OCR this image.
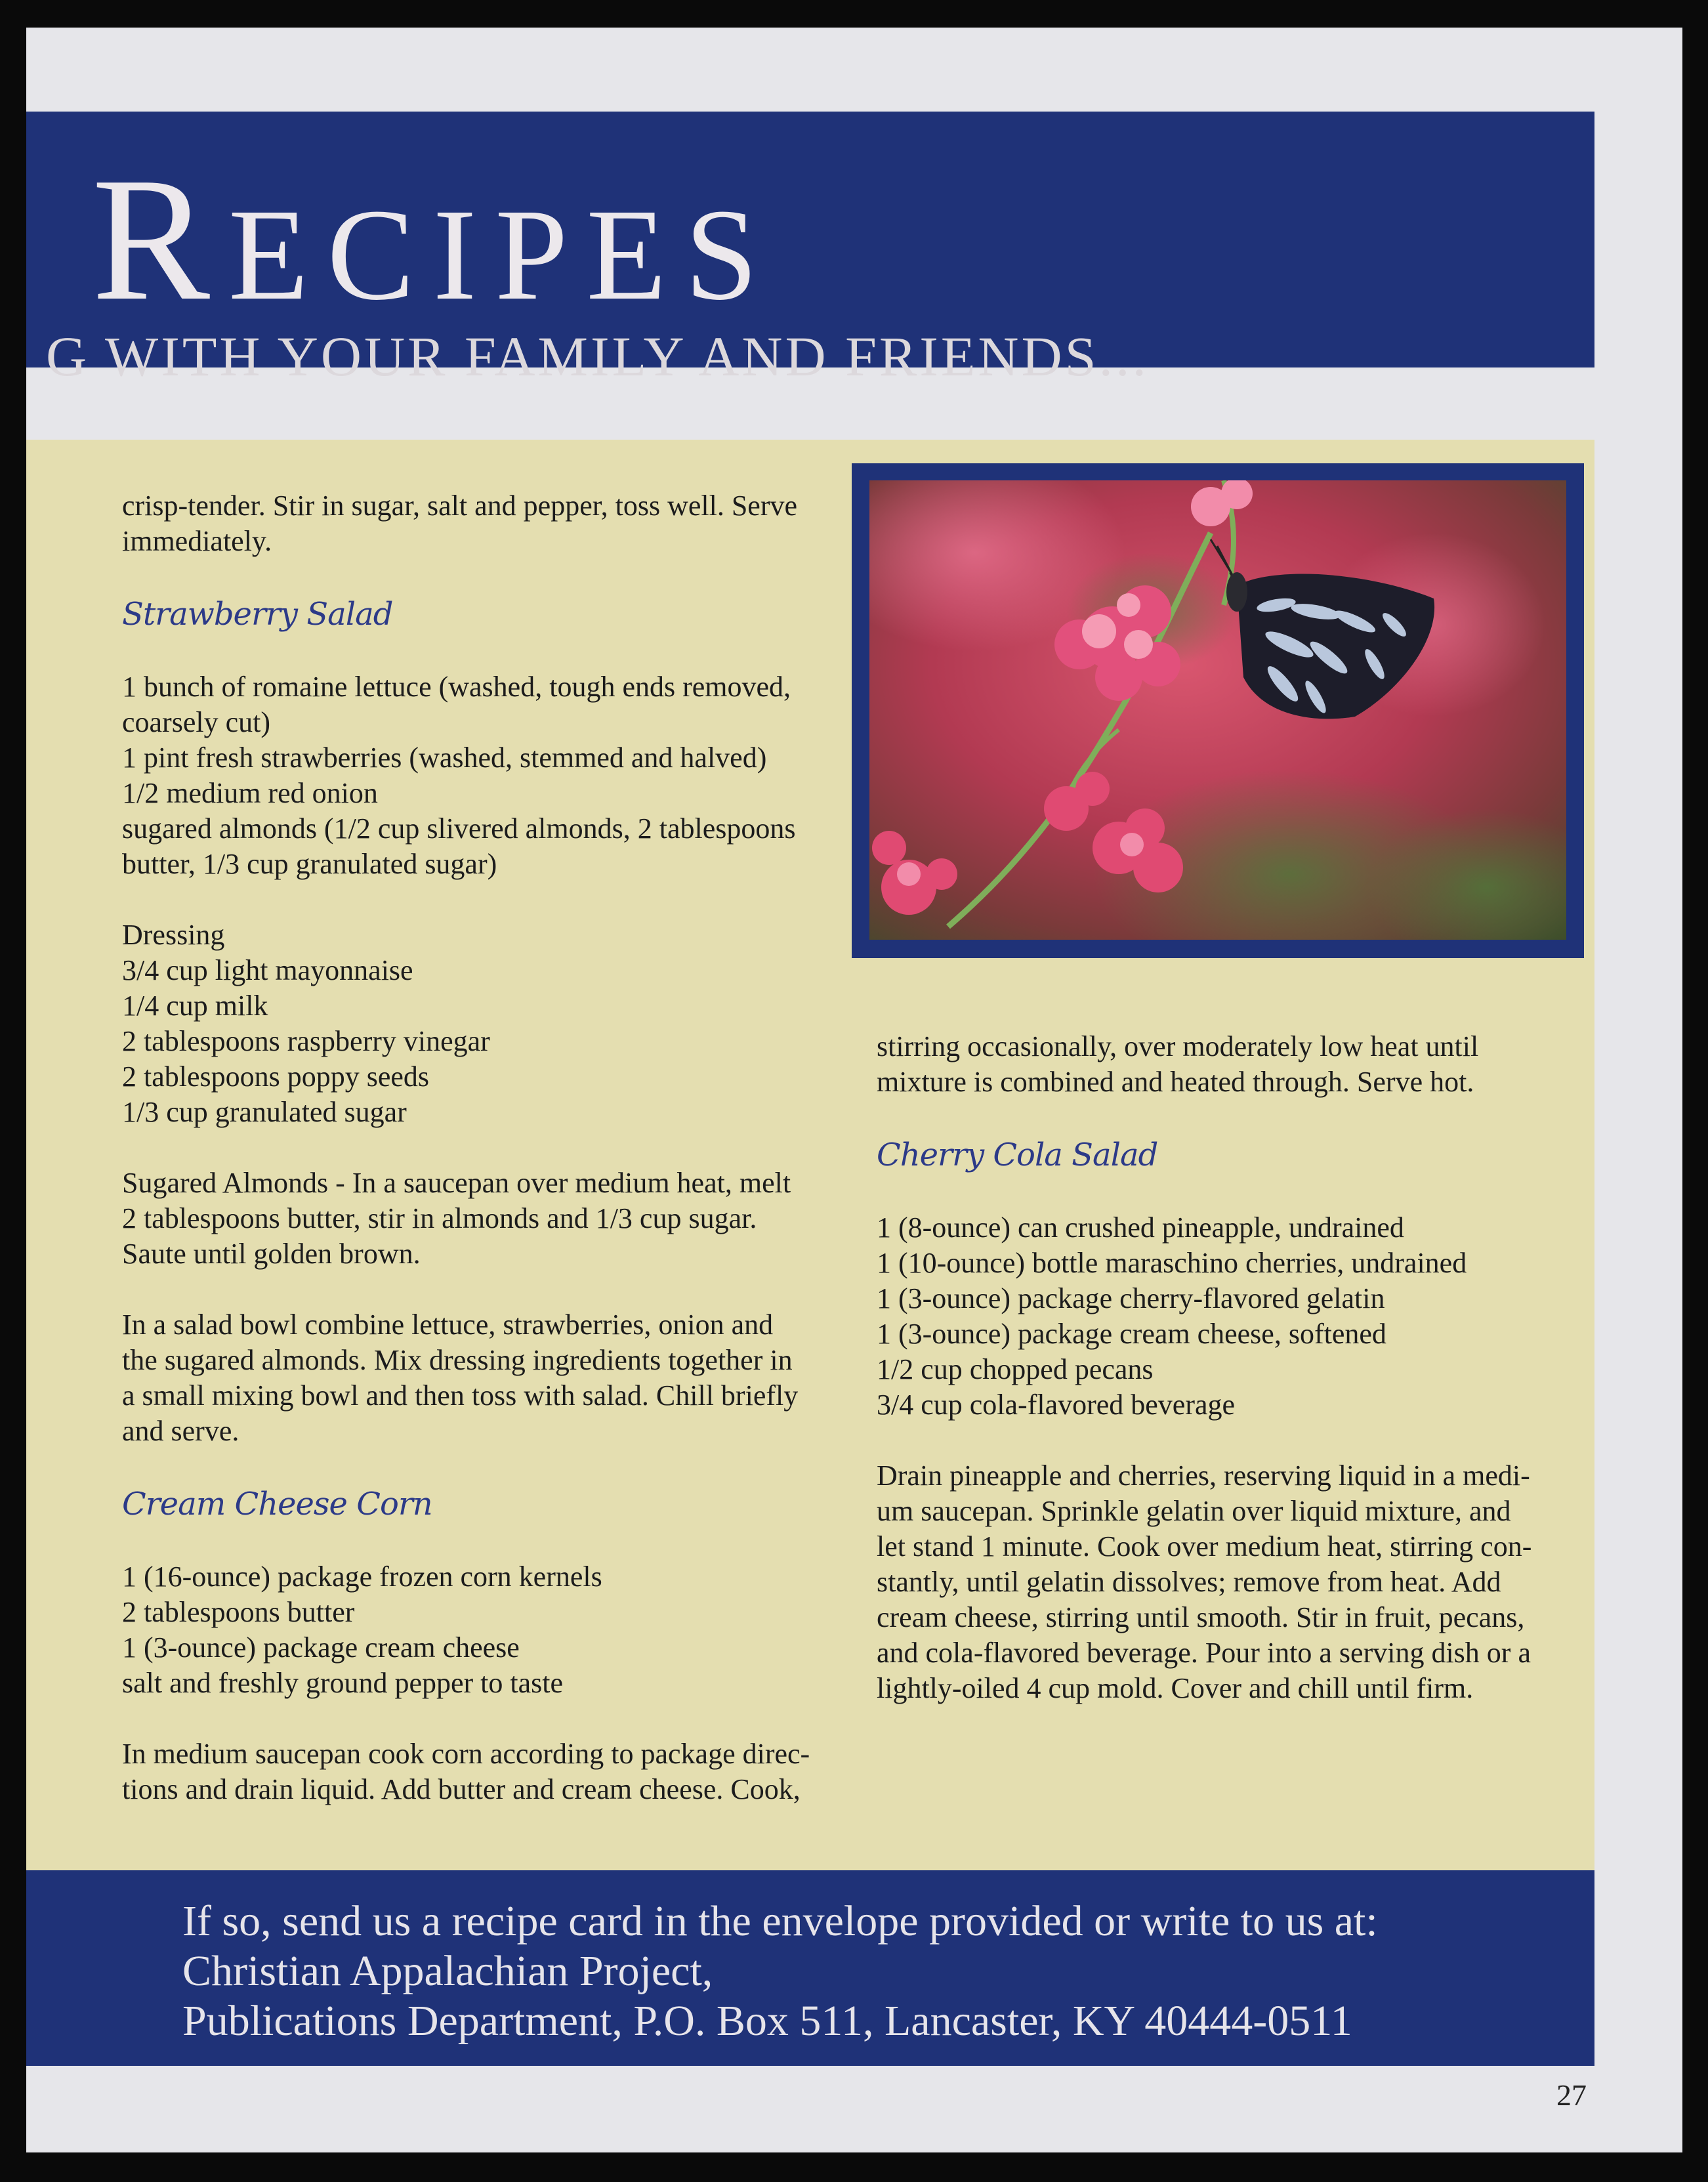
RECIPES
G WITH YOUR FAMILY AND FRIENDS...

crisp-tender. Stir in sugar, salt and pepper, toss well. Serve

immediately.

Strawberry Salad

1 bunch of romaine lettuce (washed, tough ends removed,

coarsely cut)

1 pint fresh strawberries (washed, stemmed and halved)

1/2 medium red onion

sugared almonds (1/2 cup slivered almonds, 2 tablespoons

butter, 1/3 cup granulated sugar)

Dressing

3/4 cup light mayonnaise

1/4 cup milk

2 tablespoons raspberry vinegar

2 tablespoons poppy seeds

1/3 cup granulated sugar

Sugared Almonds - In a saucepan over medium heat, melt

2 tablespoons butter, stir in almonds and 1/3 cup sugar.

Saute until golden brown.

In a salad bowl combine lettuce, strawberries, onion and

the sugared almonds. Mix dressing ingredients together in

a small mixing bowl and then toss with salad. Chill briefly

and serve.

Cream Cheese Corn

1 (16-ounce) package frozen corn kernels

2 tablespoons butter

1 (3-ounce) package cream cheese

salt and freshly ground pepper to taste

In medium saucepan cook corn according to package direc-

tions and drain liquid. Add butter and cream cheese. Cook,

stirring occasionally, over moderately low heat until

mixture is combined and heated through. Serve hot.

Cherry Cola Salad

1 (8-ounce) can crushed pineapple, undrained

1 (10-ounce) bottle maraschino cherries, undrained

1 (3-ounce) package cherry-flavored gelatin

1 (3-ounce) package cream cheese, softened

1/2 cup chopped pecans

3/4 cup cola-flavored beverage

Drain pineapple and cherries, reserving liquid in a medi-

um saucepan. Sprinkle gelatin over liquid mixture, and

let stand 1 minute. Cook over medium heat, stirring con-

stantly, until gelatin dissolves; remove from heat. Add

cream cheese, stirring until smooth. Stir in fruit, pecans,

and cola-flavored beverage. Pour into a serving dish or a

lightly-oiled 4 cup mold. Cover and chill until firm.

If so, send us a recipe card in the envelope provided or write to us at:
Christian Appalachian Project,
Publications Department, P.O. Box 511, Lancaster, KY 40444-0511
27
